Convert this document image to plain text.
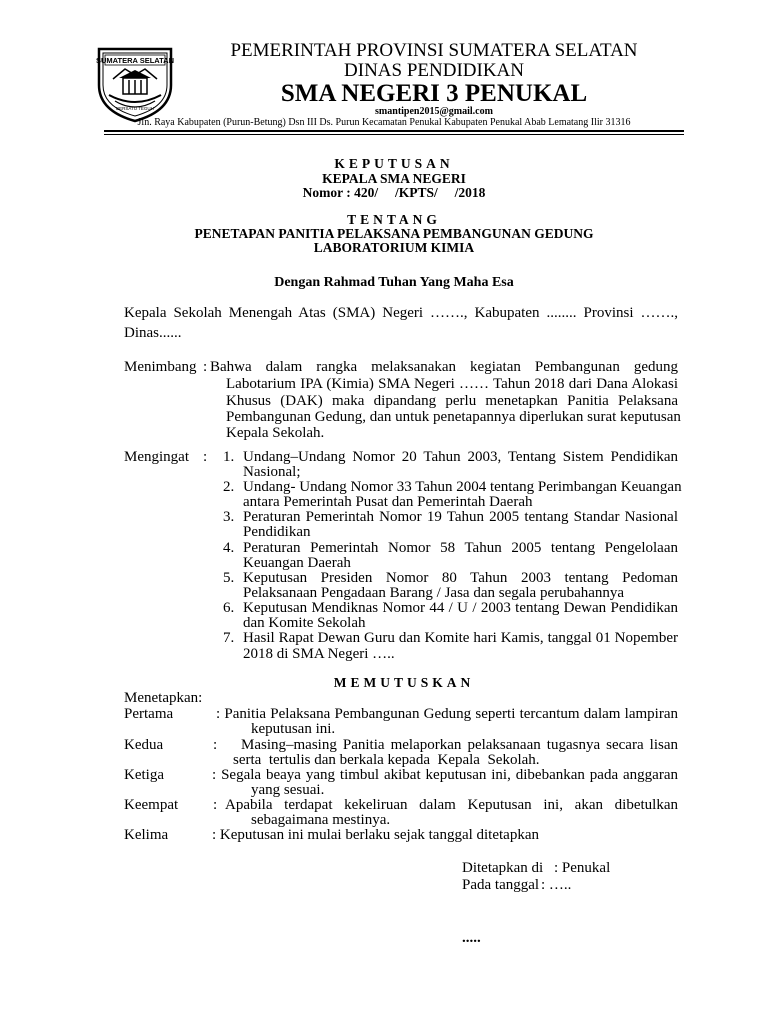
SUMATERA SELATAN
BERSATU TEGUH
PEMERINTAH PROVINSI SUMATERA SELATAN
DINAS PENDIDIKAN
SMA NEGERI 3 PENUKAL
smantipen2015@gmail.com
Jln. Raya Kabupaten (Purun-Betung) Dsn III Ds. Purun Kecamatan Penukal Kabupaten Penukal Abab Lematang Ilir 31316
KEPUTUSAN
KEPALA SMA NEGERI
Nomor : 420/     /KPTS/     /2018
TENTANG
PENETAPAN PANITIA PELAKSANA PEMBANGUNAN GEDUNG
LABORATORIUM KIMIA
Dengan Rahmad Tuhan Yang Maha Esa
Kepala Sekolah Menengah Atas (SMA) Negeri ……., Kabupaten ........ Provinsi …….,
Dinas......
Menimbang : Bahwa dalam rangka melaksanakan kegiatan Pembangunan gedung
Labotarium IPA (Kimia) SMA Negeri …… Tahun 2018 dari Dana Alokasi
Khusus (DAK) maka dipandang perlu menetapkan Panitia Pelaksana
Pembangunan Gedung, dan untuk penetapannya diperlukan surat keputusan
Kepala Sekolah.
Mengingat : 1. Undang–Undang Nomor 20 Tahun 2003, Tentang Sistem Pendidikan
Nasional;
2. Undang- Undang Nomor 33 Tahun 2004 tentang Perimbangan Keuangan
antara Pemerintah Pusat dan Pemerintah Daerah
3. Peraturan Pemerintah Nomor 19 Tahun 2005 tentang Standar Nasional
Pendidikan
4. Peraturan Pemerintah Nomor 58 Tahun 2005 tentang Pengelolaan
Keuangan Daerah
5. Keputusan Presiden Nomor 80 Tahun 2003 tentang Pedoman
Pelaksanaan Pengadaan Barang / Jasa dan segala perubahannya
6. Keputusan Mendiknas Nomor 44 / U / 2003 tentang Dewan Pendidikan
dan Komite Sekolah
7. Hasil Rapat Dewan Guru dan Komite hari Kamis, tanggal 01 Nopember
2018 di SMA Negeri …..
MEMUTUSKAN
Menetapkan:
Pertama	: Panitia Pelaksana Pembangunan Gedung seperti tercantum dalam lampiran
keputusan ini.
Kedua	: Masing–masing Panitia melaporkan pelaksanaan tugasnya secara lisan
serta  tertulis dan berkala kepada  Kepala  Sekolah.
Ketiga	: Segala beaya yang timbul akibat keputusan ini, dibebankan pada anggaran
yang sesuai.
Keempat : Apabila terdapat kekeliruan dalam Keputusan ini, akan dibetulkan
sebagaimana mestinya.
Kelima	: Keputusan ini mulai berlaku sejak tanggal ditetapkan
Ditetapkan di : Penukal
Pada tanggal : …..
.....
